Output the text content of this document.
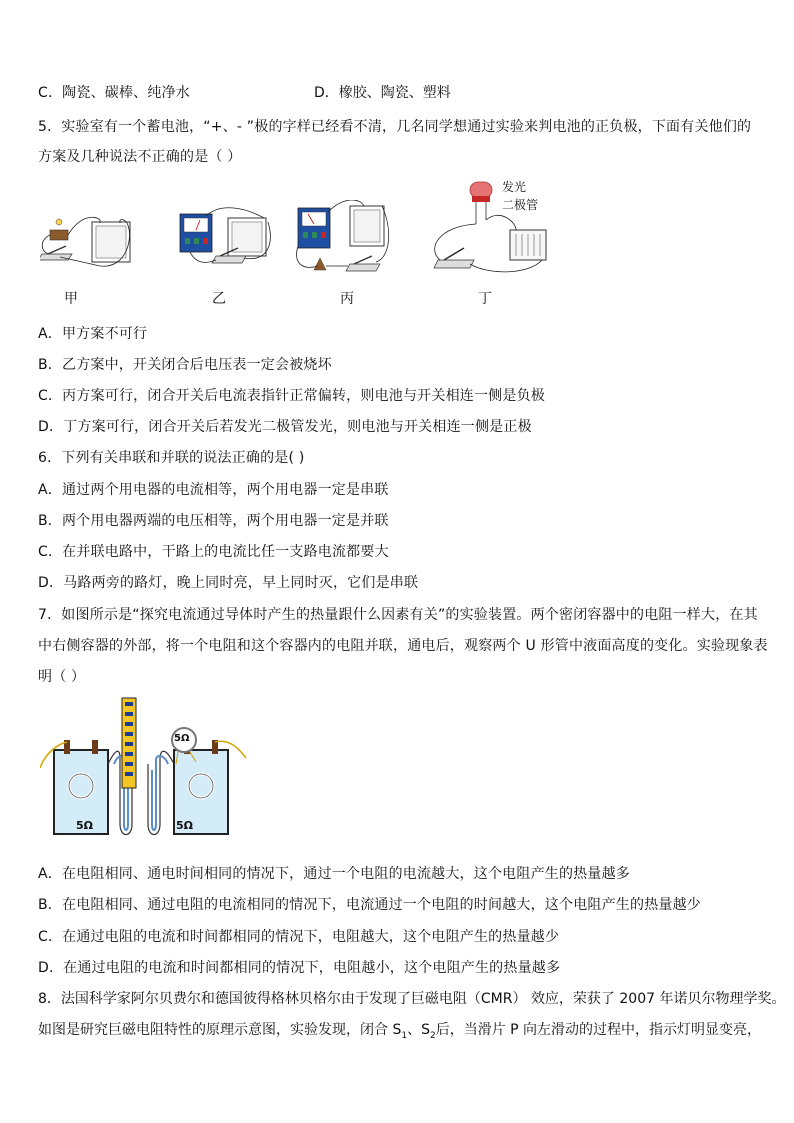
C．陶瓷、碳棒、纯净水	D．橡胶、陶瓷、塑料
5．实验室有一个蓄电池，“+、- ”极的字样已经看不清，几名同学想通过实验来判电池的正负极，下面有关他们的
方案及几种说法不正确的是（ ）
甲	乙	丙
发光
二极管
丁
A．甲方案不可行
B．乙方案中，开关闭合后电压表一定会被烧坏
C．丙方案可行，闭合开关后电流表指针正常偏转，则电池与开关相连一侧是负极
D．丁方案可行，闭合开关后若发光二极管发光，则电池与开关相连一侧是正极
6．下列有关串联和并联的说法正确的是( )
A．通过两个用电器的电流相等，两个用电器一定是串联
B．两个用电器两端的电压相等，两个用电器一定是并联
C．在并联电路中，干路上的电流比任一支路电流都要大
D．马路两旁的路灯，晚上同时亮，早上同时灭，它们是串联
7．如图所示是“探究电流通过导体时产生的热量跟什么因素有关”的实验装置。两个密闭容器中的电阻一样大，在其
中右侧容器的外部，将一个电阻和这个容器内的电阻并联，通电后，观察两个 U 形管中液面高度的变化。实验现象表
明（ ）
5Ω	5Ω
5Ω
A．在电阻相同、通电时间相同的情况下，通过一个电阻的电流越大，这个电阻产生的热量越多
B．在电阻相同、通过电阻的电流相同的情况下，电流通过一个电阻的时间越大，这个电阻产生的热量越少
C．在通过电阻的电流和时间都相同的情况下，电阻越大，这个电阻产生的热量越少
D．在通过电阻的电流和时间都相同的情况下，电阻越小，这个电阻产生的热量越多
8．法国科学家阿尔贝费尔和德国彼得格林贝格尔由于发现了巨磁电阻（CMR） 效应，荣获了 2007 年诺贝尔物理学奖。
如图是研究巨磁电阻特性的原理示意图，实验发现，闭合 $S_1$、$S_2$后，当滑片 P 向左滑动的过程中，指示灯明显变亮，
